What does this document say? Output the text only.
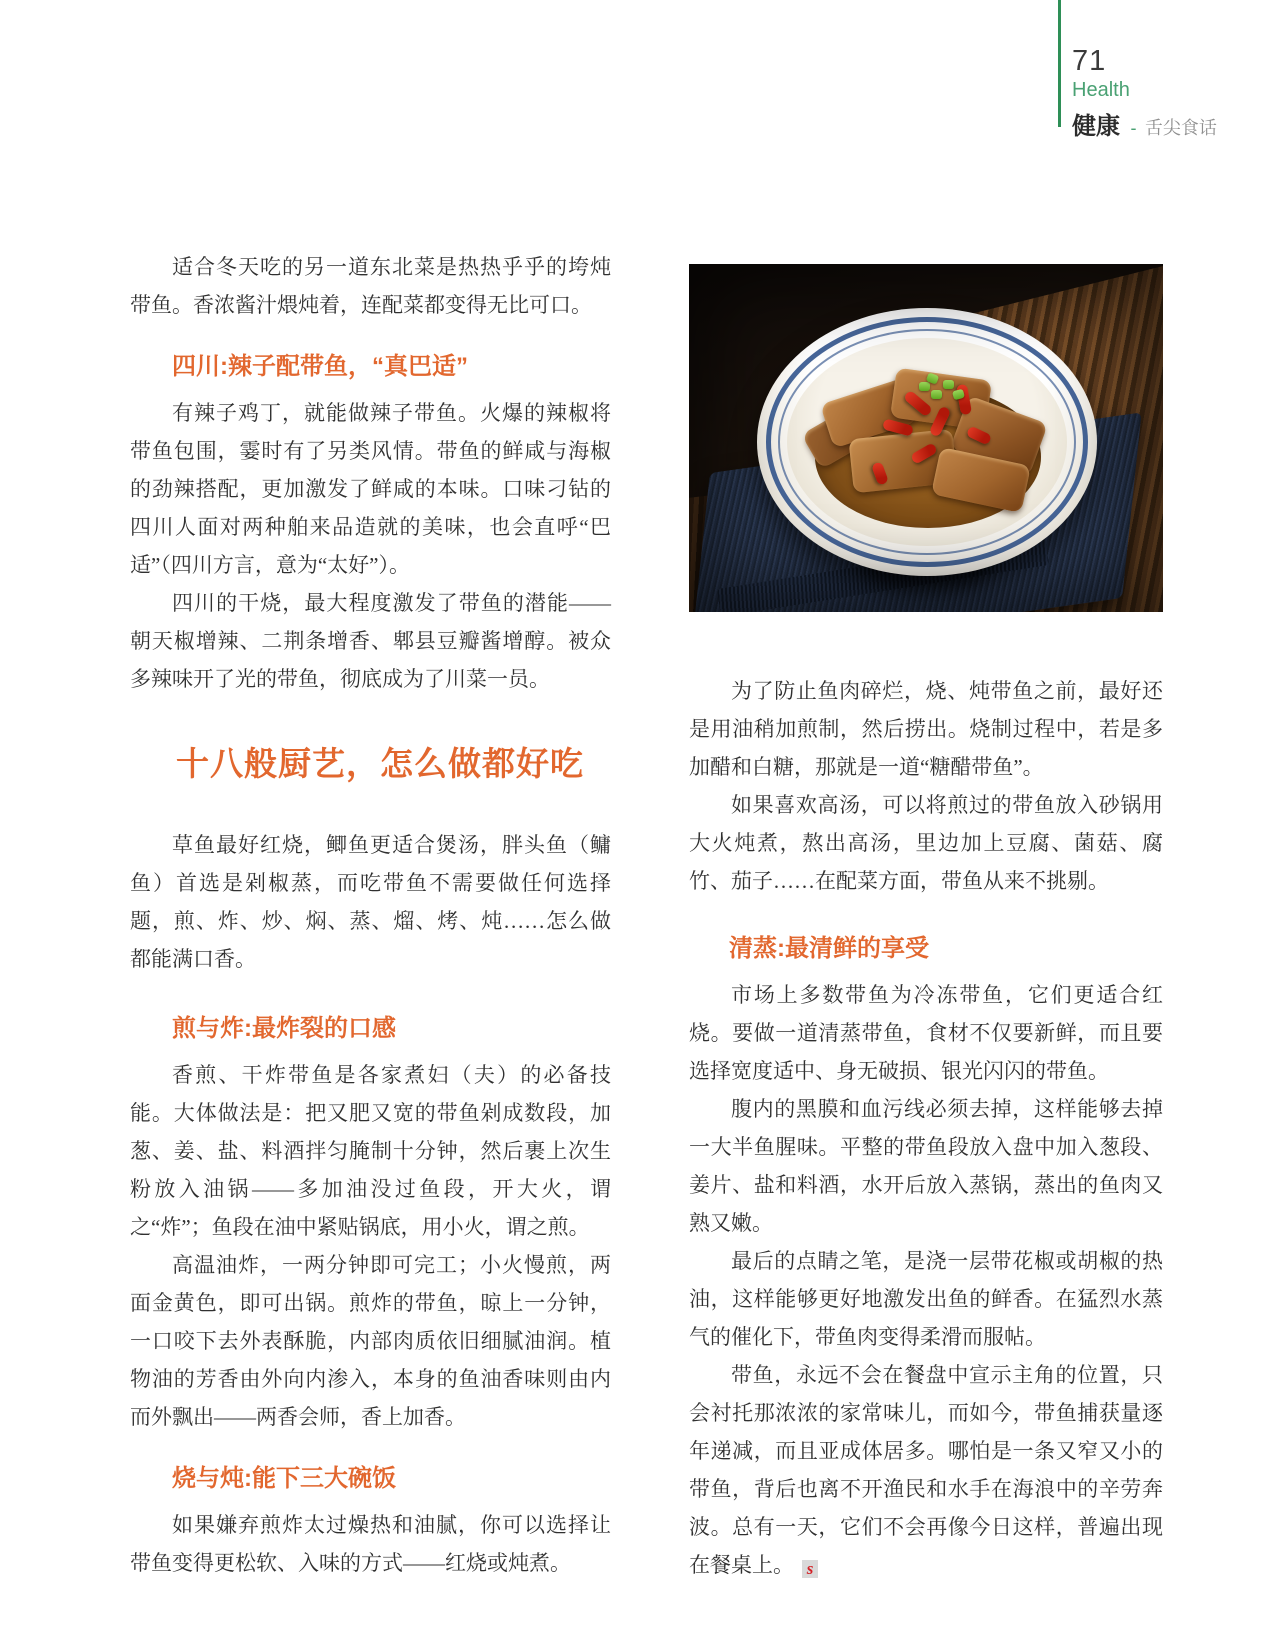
71
Health
健康 - 舌尖食话

适合冬天吃的另一道东北菜是热热乎乎的垮炖带鱼。香浓酱汁煨炖着，连配菜都变得无比可口。

四川:辣子配带鱼，“真巴适”

有辣子鸡丁，就能做辣子带鱼。火爆的辣椒将带鱼包围，霎时有了另类风情。带鱼的鲜咸与海椒的劲辣搭配，更加激发了鲜咸的本味。口味刁钻的四川人面对两种舶来品造就的美味，也会直呼“巴适”（四川方言，意为“太好”）。

四川的干烧，最大程度激发了带鱼的潜能——朝天椒增辣、二荆条增香、郫县豆瓣酱增醇。被众多辣味开了光的带鱼，彻底成为了川菜一员。

十八般厨艺，怎么做都好吃

草鱼最好红烧，鲫鱼更适合煲汤，胖头鱼（鳙鱼）首选是剁椒蒸，而吃带鱼不需要做任何选择题，煎、炸、炒、焖、蒸、熘、烤、炖……怎么做都能满口香。

煎与炸:最炸裂的口感

香煎、干炸带鱼是各家煮妇（夫）的必备技能。大体做法是：把又肥又宽的带鱼剁成数段，加葱、姜、盐、料酒拌匀腌制十分钟，然后裹上次生粉放入油锅——多加油没过鱼段，开大火，谓之“炸”；鱼段在油中紧贴锅底，用小火，谓之煎。

高温油炸，一两分钟即可完工；小火慢煎，两面金黄色，即可出锅。煎炸的带鱼，晾上一分钟，一口咬下去外表酥脆，内部肉质依旧细腻油润。植物油的芳香由外向内渗入，本身的鱼油香味则由内而外飘出——两香会师，香上加香。

烧与炖:能下三大碗饭

如果嫌弃煎炸太过燥热和油腻，你可以选择让带鱼变得更松软、入味的方式——红烧或炖煮。

为了防止鱼肉碎烂，烧、炖带鱼之前，最好还是用油稍加煎制，然后捞出。烧制过程中，若是多加醋和白糖，那就是一道“糖醋带鱼”。

如果喜欢高汤，可以将煎过的带鱼放入砂锅用大火炖煮，熬出高汤，里边加上豆腐、菌菇、腐竹、茄子……在配菜方面，带鱼从来不挑剔。

清蒸:最清鲜的享受

市场上多数带鱼为冷冻带鱼，它们更适合红烧。要做一道清蒸带鱼，食材不仅要新鲜，而且要选择宽度适中、身无破损、银光闪闪的带鱼。

腹内的黑膜和血污线必须去掉，这样能够去掉一大半鱼腥味。平整的带鱼段放入盘中加入葱段、姜片、盐和料酒，水开后放入蒸锅，蒸出的鱼肉又熟又嫩。

最后的点睛之笔，是浇一层带花椒或胡椒的热油，这样能够更好地激发出鱼的鲜香。在猛烈水蒸气的催化下，带鱼肉变得柔滑而服帖。

带鱼，永远不会在餐盘中宣示主角的位置，只会衬托那浓浓的家常味儿，而如今，带鱼捕获量逐年递减，而且亚成体居多。哪怕是一条又窄又小的带鱼，背后也离不开渔民和水手在海浪中的辛劳奔波。总有一天，它们不会再像今日这样，普遍出现在餐桌上。 s
